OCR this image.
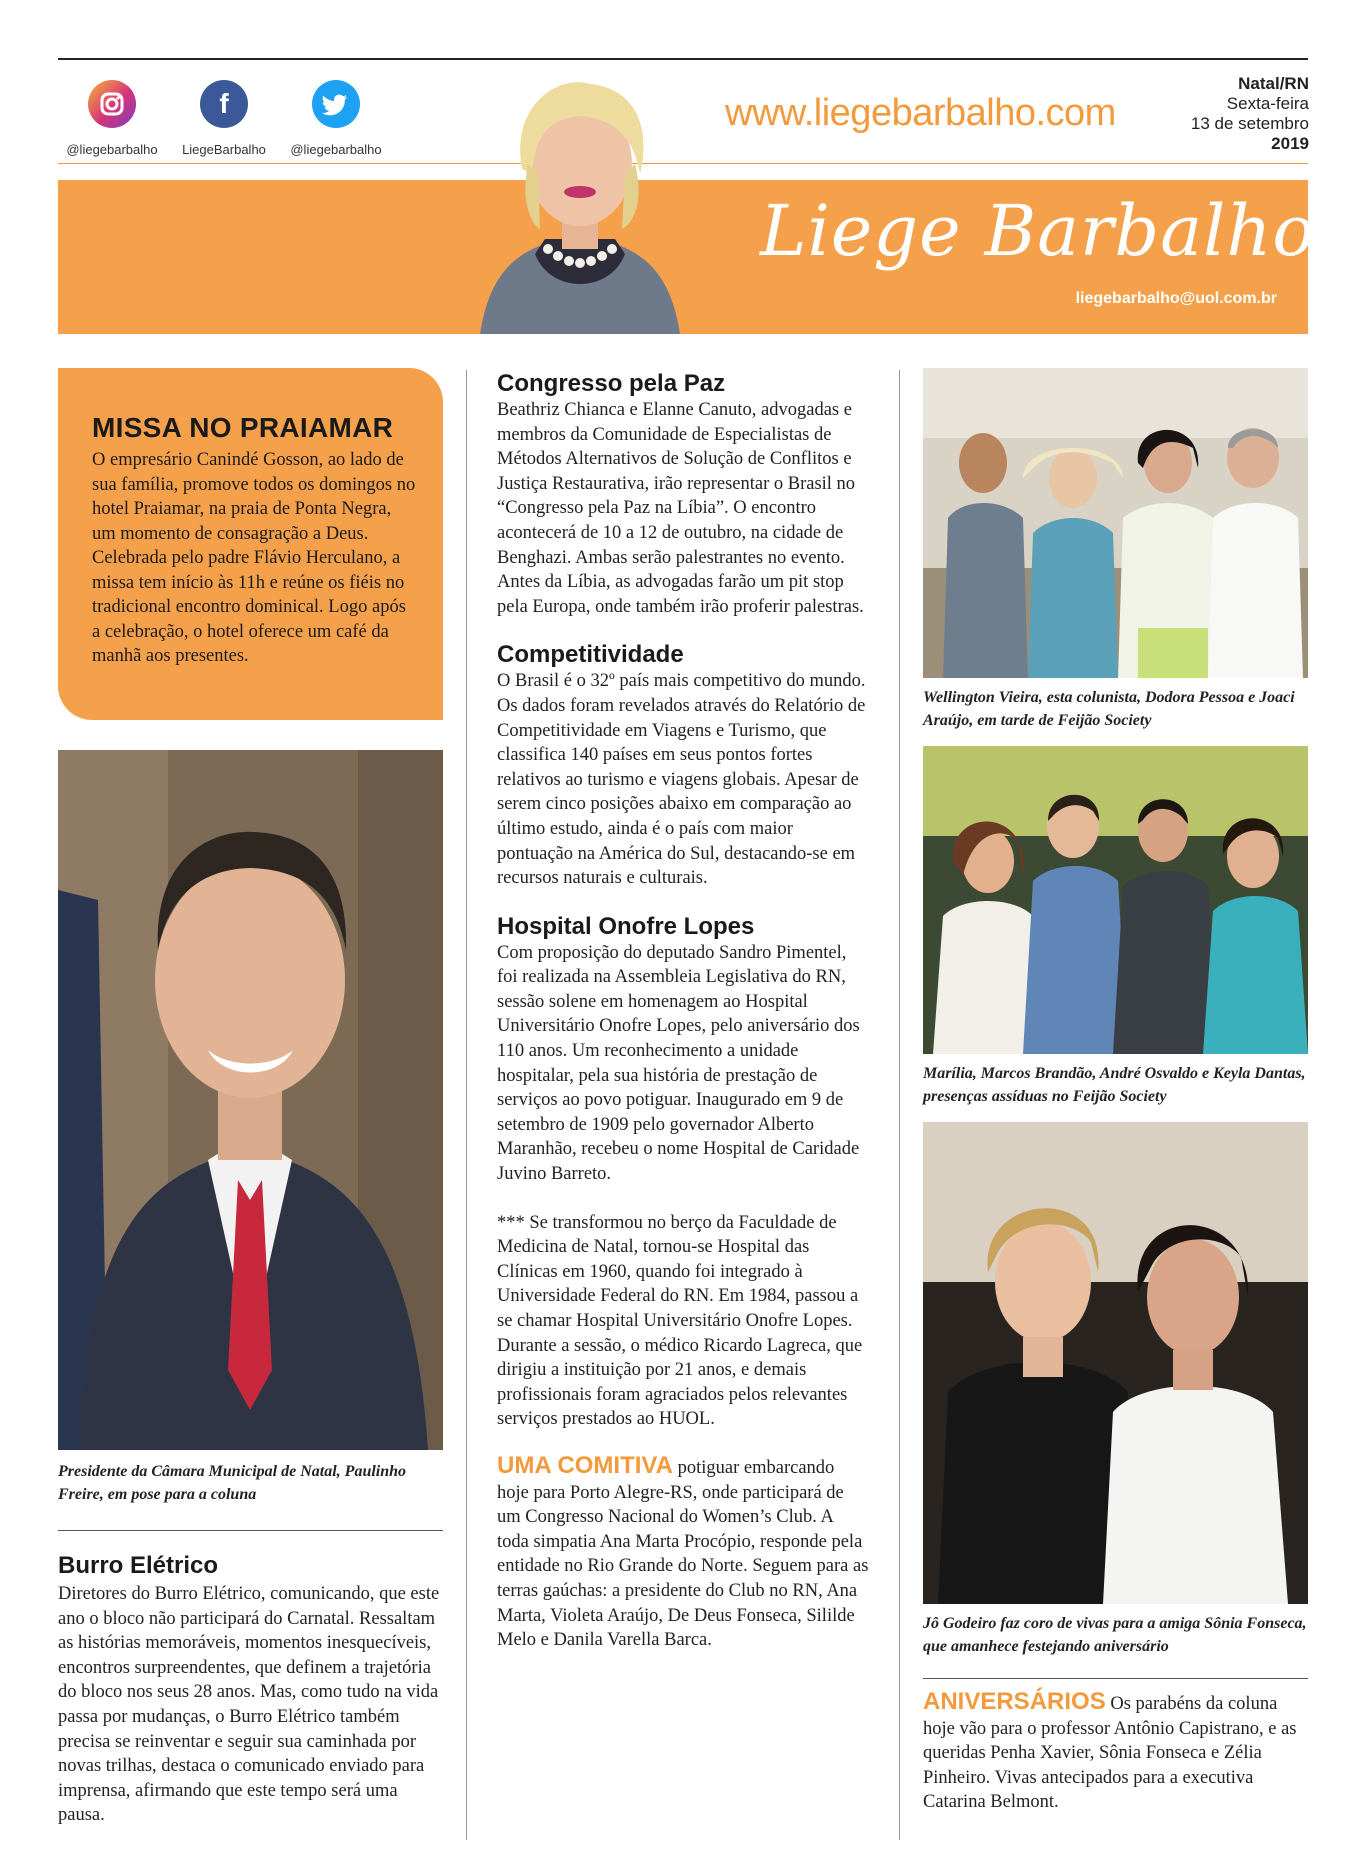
@liegebarbalho
f
LiegeBarbalho	@liegebarbalho
www.liegebarbalho.com
Natal/RN
Sexta-feira
13 de setembro
2019
Liege Barbalho
liegebarbalho@uol.com.br
MISSA NO PRAIAMAR

O empresário Canindé Gosson, ao lado de sua família, promove todos os domingos no hotel Praiamar, na praia de Ponta Negra, um momento de consagração a Deus. Celebrada pelo padre Flávio Herculano, a missa tem início às 11h e reúne os fiéis no tradicional encontro dominical. Logo após a celebração, o hotel oferece um café da manhã aos presentes.

Presidente da Câmara Municipal de Natal, Paulinho Freire, em pose para a coluna
Burro Elétrico

Diretores do Burro Elétrico, comunicando, que este ano o bloco não participará do Carnatal. Ressaltam as histórias memoráveis, momentos inesquecíveis, encontros surpreendentes, que definem a trajetória do bloco nos seus 28 anos. Mas, como tudo na vida passa por mudanças, o Burro Elétrico também precisa se reinventar e seguir sua caminhada por novas trilhas, destaca o comunicado enviado para imprensa, afirmando que este tempo será uma pausa.

Congresso pela Paz

Beathriz Chianca e Elanne Canuto, advogadas e membros da Comunidade de Especialistas de Métodos Alternativos de Solução de Conflitos e Justiça Restaurativa, irão representar o Brasil no “Congresso pela Paz na Líbia”. O encontro acontecerá de 10 a 12 de outubro, na cidade de Benghazi. Ambas serão palestrantes no evento. Antes da Líbia, as advogadas farão um pit stop pela Europa, onde também irão proferir palestras.

Competitividade

O Brasil é o 32º país mais competitivo do mundo. Os dados foram revelados através do Relatório de Competitividade em Viagens e Turismo, que classifica 140 países em seus pontos fortes relativos ao turismo e viagens globais. Apesar de serem cinco posições abaixo em comparação ao último estudo, ainda é o país com maior pontuação na América do Sul, destacando-se em recursos naturais e culturais.

Hospital Onofre Lopes

Com proposição do deputado Sandro Pimentel, foi realizada na Assembleia Legislativa do RN, sessão solene em homenagem ao Hospital Universitário Onofre Lopes, pelo aniversário dos 110 anos. Um reconhecimento a unidade hospitalar, pela sua história de prestação de serviços ao povo potiguar. Inaugurado em 9 de setembro de 1909 pelo governador Alberto Maranhão, recebeu o nome Hospital de Caridade Juvino Barreto.

*** Se transformou no berço da Faculdade de Medicina de Natal, tornou-se Hospital das Clínicas em 1960, quando foi integrado à Universidade Federal do RN. Em 1984, passou a se chamar Hospital Universitário Onofre Lopes. Durante a sessão, o médico Ricardo Lagreca, que dirigiu a instituição por 21 anos, e demais profissionais foram agraciados pelos relevantes serviços prestados ao HUOL.

UMA COMITIVA potiguar embarcando hoje para Porto Alegre-RS, onde participará de um Congresso Nacional do Women’s Club. A toda simpatia Ana Marta Procópio, responde pela entidade no Rio Grande do Norte. Seguem para as terras gaúchas: a presidente do Club no RN, Ana Marta, Violeta Araújo, De Deus Fonseca, Sililde Melo e Danila Varella Barca.

Wellington Vieira, esta colunista, Dodora Pessoa e Joaci Araújo, em tarde de Feijão Society
Marília, Marcos Brandão, André Osvaldo e Keyla Dantas, presenças assíduas no Feijão Society
Jô Godeiro faz coro de vivas para a amiga Sônia Fonseca, que amanhece festejando aniversário

ANIVERSÁRIOS Os parabéns da coluna hoje vão para o professor Antônio Capistrano, e as queridas Penha Xavier, Sônia Fonseca e Zélia Pinheiro. Vivas antecipados para a executiva Catarina Belmont.
